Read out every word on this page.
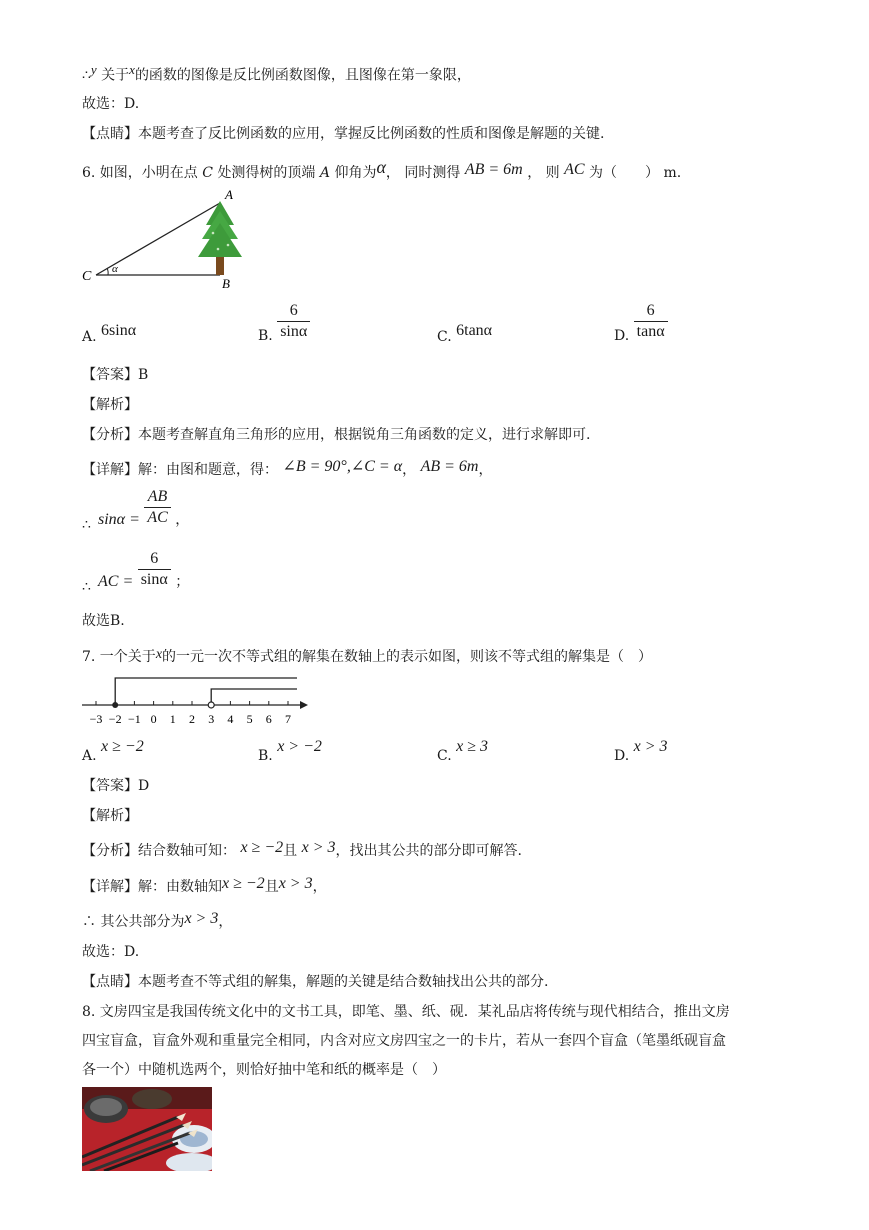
∴y 关于x的函数的图像是反比例函数图像，且图像在第一象限，
故选：D.
【点睛】本题考查了反比例函数的应用，掌握反比例函数的性质和图像是解题的关键.
6. 如图，小明在点 C 处测得树的顶端 A 仰角为α， 同时测得 AB = 6m ， 则 AC 为（　　） m.
A
B
C α
A. 6sinα	B. $\frac{6}{\sin\alpha}$	C. 6tanα	D. $\frac{6}{\tan\alpha}$
【答案】B
【解析】
【分析】本题考查解直角三角形的应用，根据锐角三角函数的定义，进行求解即可.
【详解】解：由图和题意，得： ∠B = 90°,∠C = α， AB = 6m，
∴ $\sin\alpha = \frac{AB}{AC}$ ，
∴ AC = $\frac{6}{\sin\alpha}$ ；
故选B.
7. 一个关于x的一元一次不等式组的解集在数轴上的表示如图，则该不等式组的解集是（　）
−3 −2 −1 0 1 2 3 4 5 6 7
A. x ≥ −2
B. x > −2
C. x ≥ 3
D. x > 3
【答案】D
【解析】
【分析】结合数轴可知： x ≥ −2且 x > 3，找出其公共的部分即可解答.
【详解】解：由数轴知x ≥ −2且x > 3，
∴ 其公共部分为x > 3，
故选：D.
【点睛】本题考查不等式组的解集，解题的关键是结合数轴找出公共的部分.
8. 文房四宝是我国传统文化中的文书工具，即笔、墨、纸、砚．某礼品店将传统与现代相结合，推出文房
四宝盲盒，盲盒外观和重量完全相同，内含对应文房四宝之一的卡片，若从一套四个盲盒（笔墨纸砚盲盒
各一个）中随机选两个，则恰好抽中笔和纸的概率是（　）
